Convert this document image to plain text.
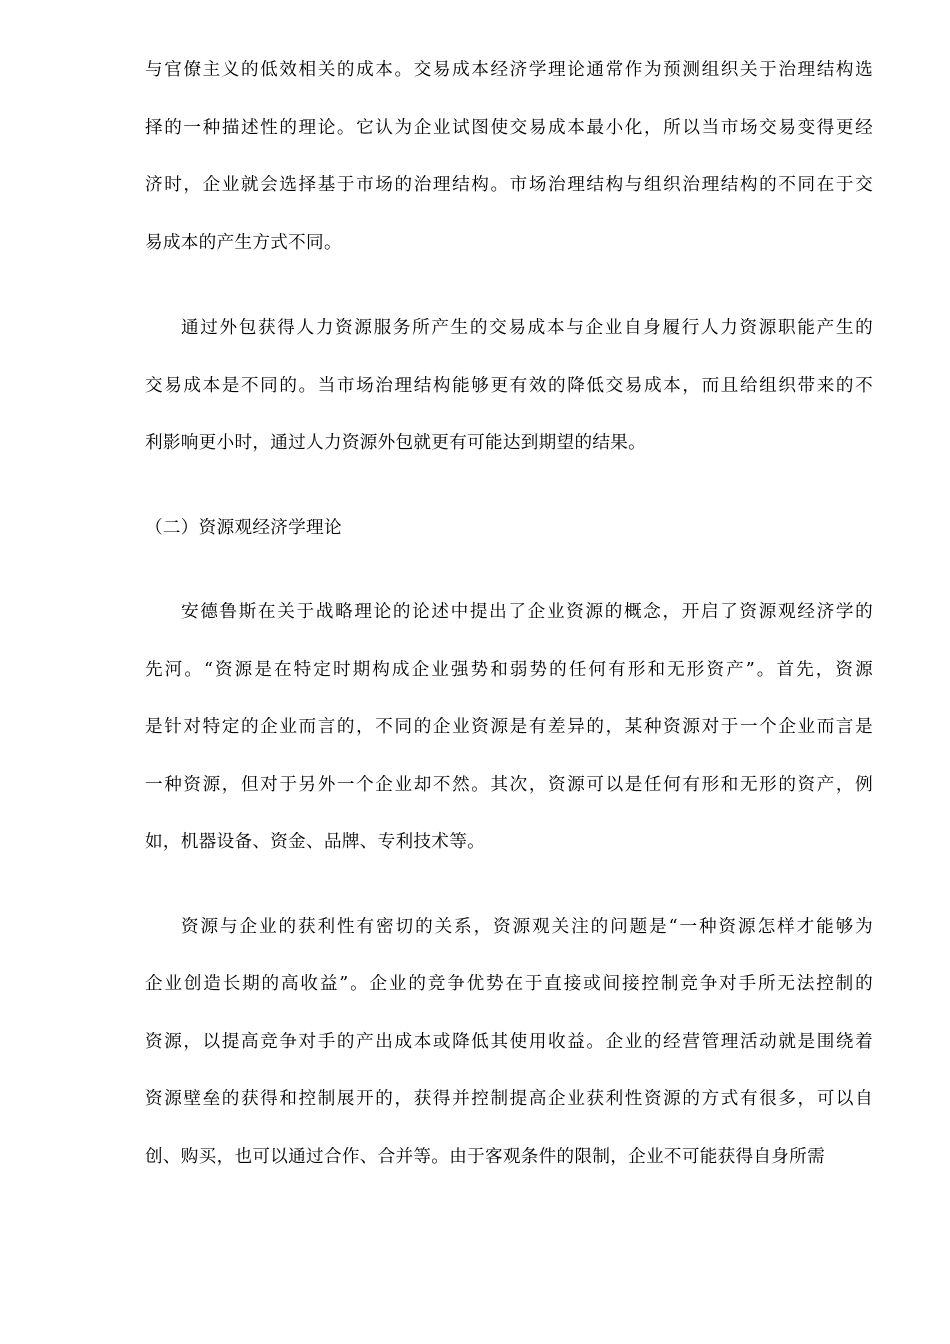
与官僚主义的低效相关的成本。交易成本经济学理论通常作为预测组织关于治理结构选
择的一种描述性的理论。它认为企业试图使交易成本最小化，所以当市场交易变得更经
济时，企业就会选择基于市场的治理结构。市场治理结构与组织治理结构的不同在于交
易成本的产生方式不同。
通过外包获得人力资源服务所产生的交易成本与企业自身履行人力资源职能产生的
交易成本是不同的。当市场治理结构能够更有效的降低交易成本，而且给组织带来的不
利影响更小时，通过人力资源外包就更有可能达到期望的结果。
（二）资源观经济学理论
安德鲁斯在关于战略理论的论述中提出了企业资源的概念，开启了资源观经济学的
先河。“资源是在特定时期构成企业强势和弱势的任何有形和无形资产”。首先，资源
是针对特定的企业而言的，不同的企业资源是有差异的，某种资源对于一个企业而言是
一种资源，但对于另外一个企业却不然。其次，资源可以是任何有形和无形的资产，例
如，机器设备、资金、品牌、专利技术等。
资源与企业的获利性有密切的关系，资源观关注的问题是“一种资源怎样才能够为
企业创造长期的高收益”。企业的竞争优势在于直接或间接控制竞争对手所无法控制的
资源，以提高竞争对手的产出成本或降低其使用收益。企业的经营管理活动就是围绕着
资源壁垒的获得和控制展开的，获得并控制提高企业获利性资源的方式有很多，可以自
创、购买，也可以通过合作、合并等。由于客观条件的限制，企业不可能获得自身所需
